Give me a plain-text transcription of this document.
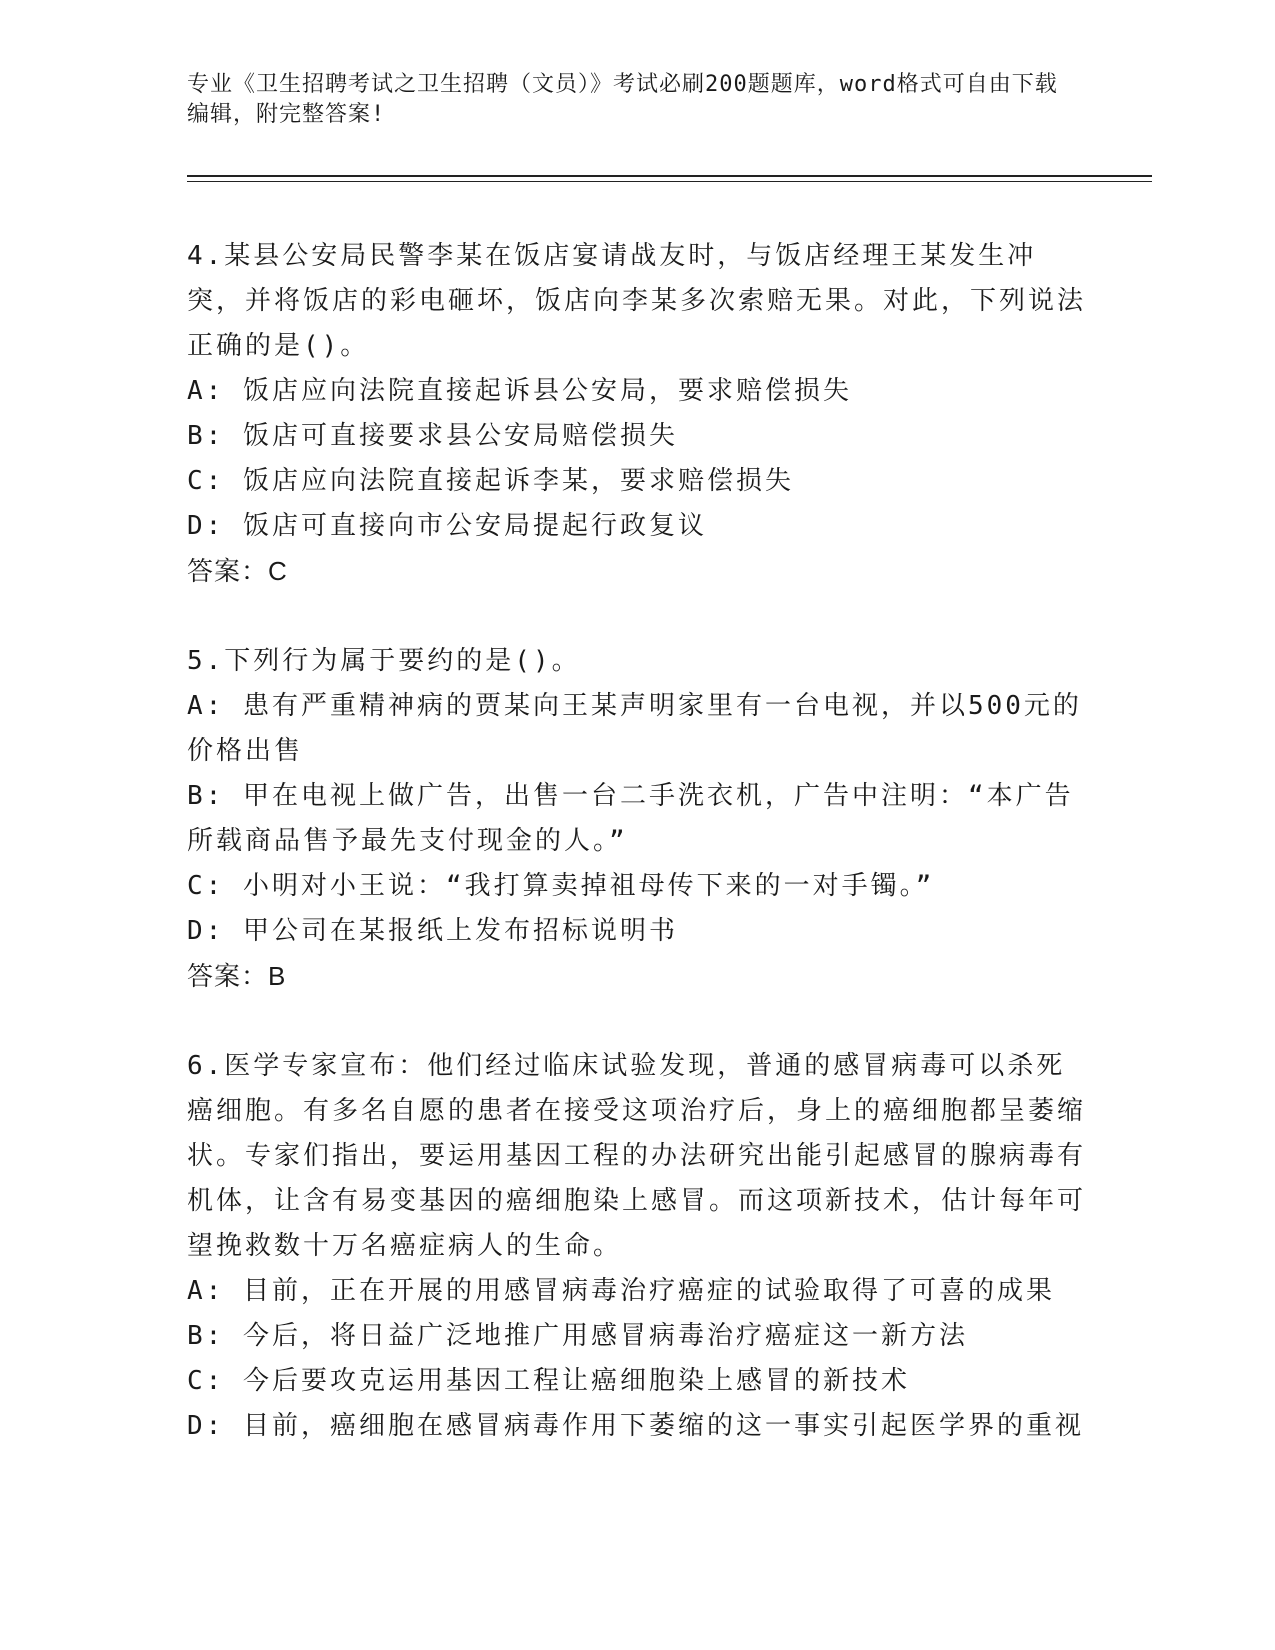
专业《卫生招聘考试之卫生招聘（文员）》考试必刷200题题库，word格式可自由下载编辑，附完整答案!

4.某县公安局民警李某在饭店宴请战友时，与饭店经理王某发生冲突，并将饭店的彩电砸坏，饭店向李某多次索赔无果。对此，下列说法正确的是()。

A: 饭店应向法院直接起诉县公安局，要求赔偿损失

B: 饭店可直接要求县公安局赔偿损失

C: 饭店应向法院直接起诉李某，要求赔偿损失

D: 饭店可直接向市公安局提起行政复议

答案：C

5.下列行为属于要约的是()。

A: 患有严重精神病的贾某向王某声明家里有一台电视，并以500元的价格出售

B: 甲在电视上做广告，出售一台二手洗衣机，广告中注明：“本广告所载商品售予最先支付现金的人。”

C: 小明对小王说：“我打算卖掉祖母传下来的一对手镯。”

D: 甲公司在某报纸上发布招标说明书

答案：B

6.医学专家宣布：他们经过临床试验发现，普通的感冒病毒可以杀死癌细胞。有多名自愿的患者在接受这项治疗后，身上的癌细胞都呈萎缩状。专家们指出，要运用基因工程的办法研究出能引起感冒的腺病毒有机体，让含有易变基因的癌细胞染上感冒。而这项新技术，估计每年可望挽救数十万名癌症病人的生命。

A: 目前，正在开展的用感冒病毒治疗癌症的试验取得了可喜的成果

B: 今后，将日益广泛地推广用感冒病毒治疗癌症这一新方法

C: 今后要攻克运用基因工程让癌细胞染上感冒的新技术

D: 目前，癌细胞在感冒病毒作用下萎缩的这一事实引起医学界的重视
